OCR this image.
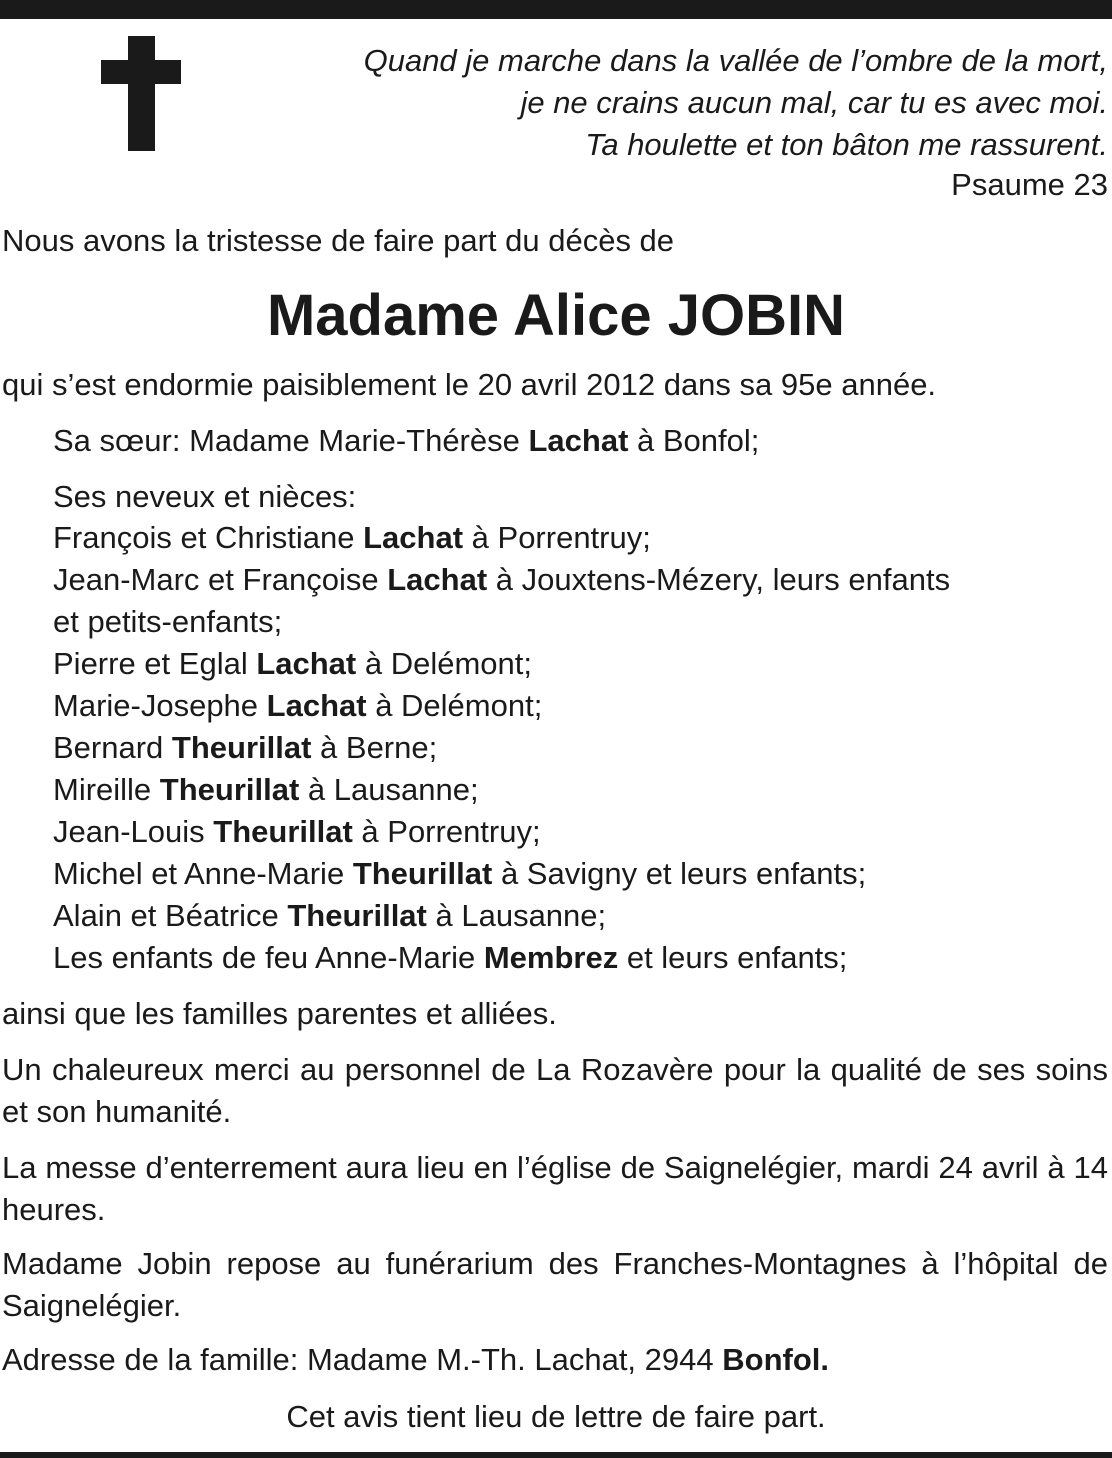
Quand je marche dans la vallée de l’ombre de la mort,
je ne crains aucun mal, car tu es avec moi.
Ta houlette et ton bâton me rassurent.
Psaume 23
Nous avons la tristesse de faire part du décès de
Madame Alice JOBIN
qui s’est endormie paisiblement le 20 avril 2012 dans sa 95e année.
Sa sœur: Madame Marie-Thérèse Lachat à Bonfol;
Ses neveux et nièces:
François et Christiane Lachat à Porrentruy;
Jean-Marc et Françoise Lachat à Jouxtens-Mézery, leurs enfants
et petits-enfants;
Pierre et Eglal Lachat à Delémont;
Marie-Josephe Lachat à Delémont;
Bernard Theurillat à Berne;
Mireille Theurillat à Lausanne;
Jean-Louis Theurillat à Porrentruy;
Michel et Anne-Marie Theurillat à Savigny et leurs enfants;
Alain et Béatrice Theurillat à Lausanne;
Les enfants de feu Anne-Marie Membrez et leurs enfants;
ainsi que les familles parentes et alliées.
Un chaleureux merci au personnel de La Rozavère pour la qualité de ses soins et son humanité.
La messe d’enterrement aura lieu en l’église de Saignelégier, mardi 24 avril à 14 heures.
Madame Jobin repose au funérarium des Franches-Montagnes à l’hôpital de Saignelégier.
Adresse de la famille: Madame M.-Th. Lachat, 2944 Bonfol.
Cet avis tient lieu de lettre de faire part.
